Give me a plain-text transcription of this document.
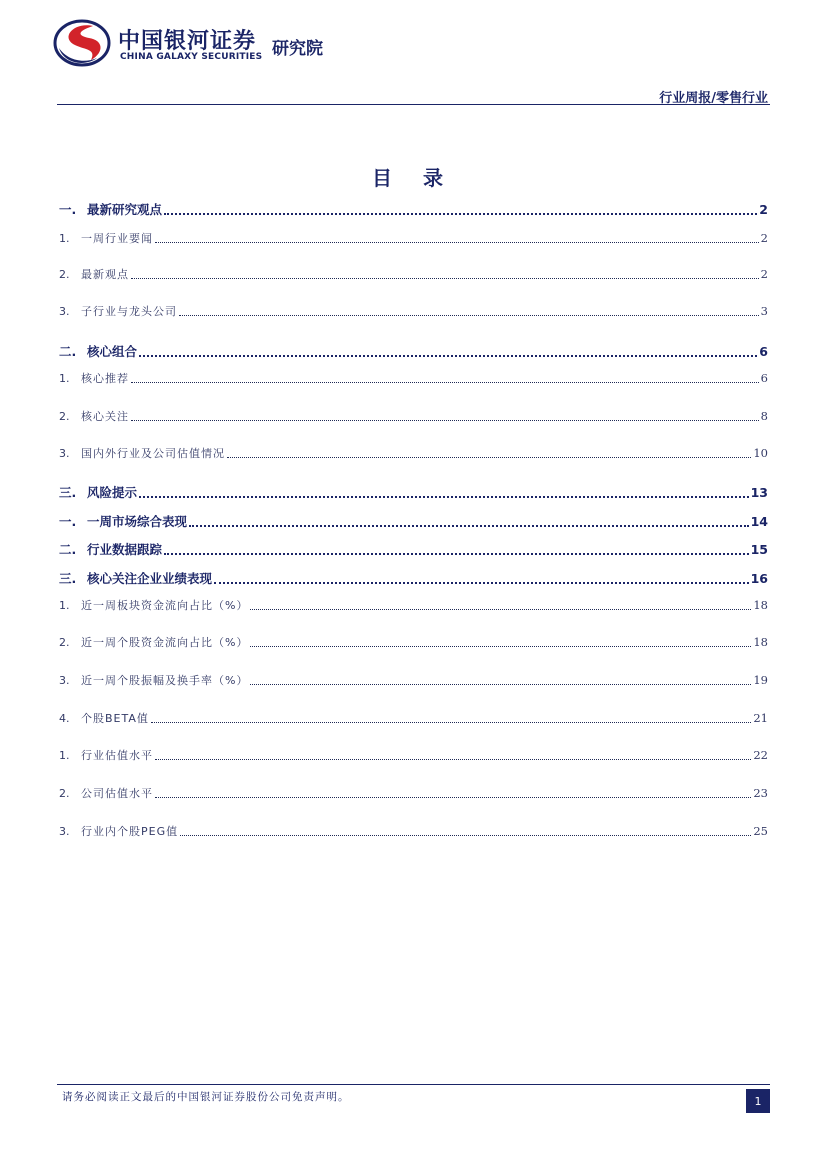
中国银河证券
CHINA GALAXY SECURITIES 研究院
行业周报/零售行业
目 录
一. 最新研究观点	2
1. 一周行业要闻	2
2. 最新观点	2
3. 子行业与龙头公司	3
二. 核心组合	6
1. 核心推荐	6
2. 核心关注	8
3. 国内外行业及公司估值情况	10
三. 风险提示	13
一. 一周市场综合表现	14
二. 行业数据跟踪	15
三. 核心关注企业业绩表现	16
1. 近一周板块资金流向占比（%）	18
2. 近一周个股资金流向占比（%）	18
3. 近一周个股振幅及换手率（%）	19
4. 个股BETA值	21
1. 行业估值水平	22
2. 公司估值水平	23
3. 行业内个股PEG值	25
请务必阅读正文最后的中国银河证券股份公司免责声明。	1
